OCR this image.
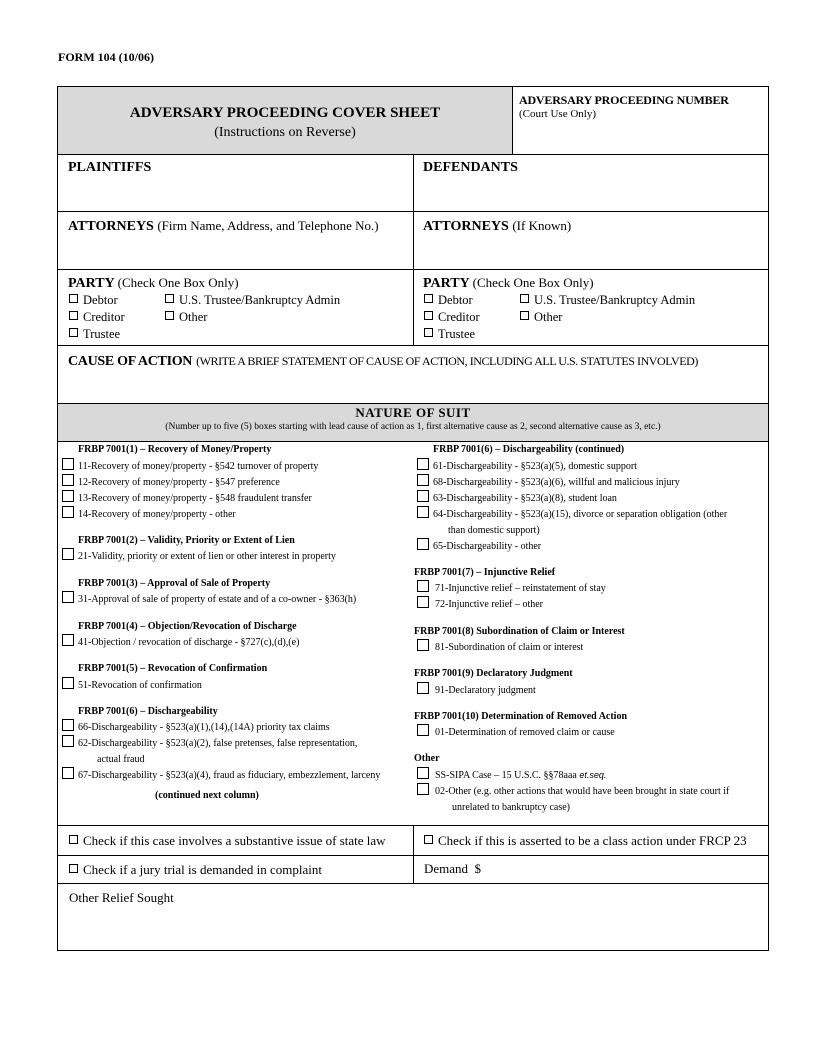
FORM 104 (10/06)
ADVERSARY PROCEEDING COVER SHEET
(Instructions on Reverse)
ADVERSARY PROCEEDING NUMBER
(Court Use Only)
PLAINTIFFS	DEFENDANTS
ATTORNEYS (Firm Name, Address, and Telephone No.)	ATTORNEYS (If Known)
PARTY (Check One Box Only)
Debtor	U.S. Trustee/Bankruptcy Admin
Creditor	Other
Trustee
PARTY (Check One Box Only)
Debtor	U.S. Trustee/Bankruptcy Admin
Creditor	Other
Trustee
CAUSE OF ACTION (WRITE A BRIEF STATEMENT OF CAUSE OF ACTION, INCLUDING ALL U.S. STATUTES INVOLVED)
NATURE OF SUIT
(Number up to five (5) boxes starting with lead cause of action as 1, first alternative cause as 2, second alternative cause as 3, etc.)
FRBP 7001(1) – Recovery of Money/Property
11-Recovery of money/property - §542 turnover of property
12-Recovery of money/property - §547 preference
13-Recovery of money/property - §548 fraudulent transfer
14-Recovery of money/property - other
FRBP 7001(2) – Validity, Priority or Extent of Lien
21-Validity, priority or extent of lien or other interest in property
FRBP 7001(3) – Approval of Sale of Property
31-Approval of sale of property of estate and of a co-owner - §363(h)
FRBP 7001(4) – Objection/Revocation of Discharge
41-Objection / revocation of discharge - §727(c),(d),(e)
FRBP 7001(5) – Revocation of Confirmation
51-Revocation of confirmation
FRBP 7001(6) – Dischargeability
66-Dischargeability - §523(a)(1),(14),(14A) priority tax claims
62-Dischargeability - §523(a)(2), false pretenses, false representation,
actual fraud
67-Dischargeability - §523(a)(4), fraud as fiduciary, embezzlement, larceny
(continued next column)
FRBP 7001(6) – Dischargeability (continued)
61-Dischargeability - §523(a)(5), domestic support
68-Dischargeability - §523(a)(6), willful and malicious injury
63-Dischargeability - §523(a)(8), student loan
64-Dischargeability - §523(a)(15), divorce or separation obligation (other
than domestic support)
65-Dischargeability - other
FRBP 7001(7) – Injunctive Relief
71-Injunctive relief – reinstatement of stay
72-Injunctive relief – other
FRBP 7001(8) Subordination of Claim or Interest
81-Subordination of claim or interest
FRBP 7001(9) Declaratory Judgment
91-Declaratory judgment
FRBP 7001(10) Determination of Removed Action
01-Determination of removed claim or cause
Other
SS-SIPA Case – 15 U.S.C. §§78aaa et.seq.
02-Other (e.g. other actions that would have been brought in state court if
unrelated to bankruptcy case)
Check if this case involves a substantive issue of state law	Check if this is asserted to be a class action under FRCP 23
Check if a jury trial is demanded in complaint	Demand  $
Other Relief Sought
